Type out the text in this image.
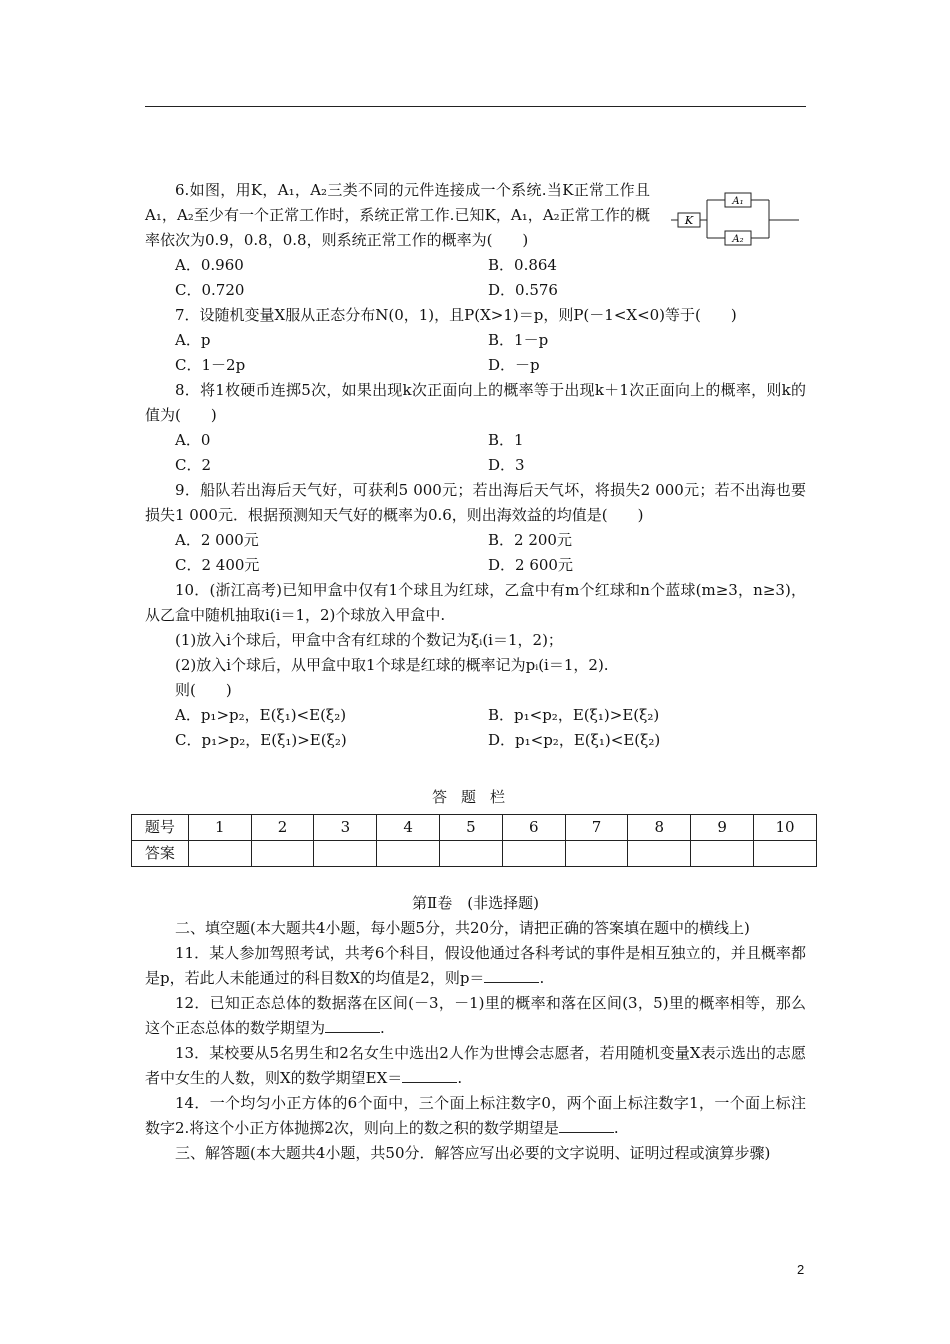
6.如图，用K，A₁，A₂三类不同的元件连接成一个系统.当K正常工作且A₁，A₂至少有一个正常工作时，系统正常工作.已知K，A₁，A₂正常工作的概率依次为0.9，0.8，0.8，则系统正常工作的概率为(　　)

K
A₁
A₂
A．0.960	B．0.864
C．0.720	D．0.576

7．设随机变量X服从正态分布N(0，1)，且P(X>1)＝p，则P(－1<X<0)等于(　　)

A．p	B．1－p
C．1－2p	D．－p

8．将1枚硬币连掷5次，如果出现k次正面向上的概率等于出现k＋1次正面向上的概率，则k的值为(　　)

A．0	B．1
C．2	D．3

9．船队若出海后天气好，可获利5 000元；若出海后天气坏，将损失2 000元；若不出海也要损失1 000元．根据预测知天气好的概率为0.6，则出海效益的均值是(　　)

A．2 000元	B．2 200元
C．2 400元	D．2 600元

10．(浙江高考)已知甲盒中仅有1个球且为红球，乙盒中有m个红球和n个蓝球(m≥3，n≥3)，从乙盒中随机抽取i(i＝1，2)个球放入甲盒中.

(1)放入i个球后，甲盒中含有红球的个数记为ξᵢ(i＝1，2)；
(2)放入i个球后，从甲盒中取1个球是红球的概率记为pᵢ(i＝1，2).
则(　　)
A．p₁>p₂，E(ξ₁)<E(ξ₂)	B．p₁<p₂，E(ξ₁)>E(ξ₂)
C．p₁>p₂，E(ξ₁)>E(ξ₂)	D．p₁<p₂，E(ξ₁)<E(ξ₂)
答题栏
题号	1	2	3	4	5	6	7	8	9	10
答案										
第Ⅱ卷　(非选择题)

二、填空题(本大题共4小题，每小题5分，共20分，请把正确的答案填在题中的横线上)

11．某人参加驾照考试，共考6个科目，假设他通过各科考试的事件是相互独立的，并且概率都是p，若此人未能通过的科目数X的均值是2，则p＝	.

12．已知正态总体的数据落在区间(－3，－1)里的概率和落在区间(3，5)里的概率相等，那么这个正态总体的数学期望为	.

13．某校要从5名男生和2名女生中选出2人作为世博会志愿者，若用随机变量X表示选出的志愿者中女生的人数，则X的数学期望EX＝	.

14．一个均匀小正方体的6个面中，三个面上标注数字0，两个面上标注数字1，一个面上标注数字2.将这个小正方体抛掷2次，则向上的数之积的数学期望是	.

三、解答题(本大题共4小题，共50分．解答应写出必要的文字说明、证明过程或演算步骤)

2
